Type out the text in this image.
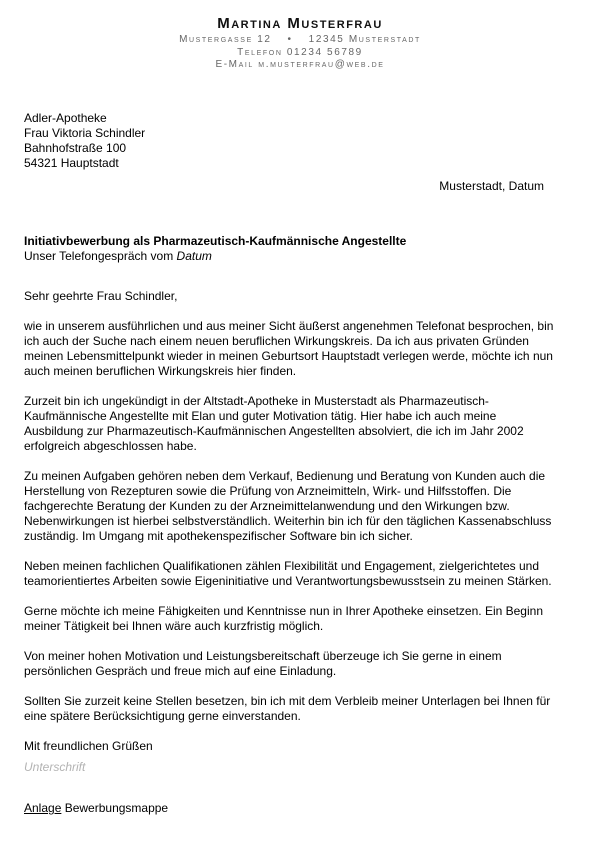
Martina Musterfrau
Mustergasse 12 • 12345 Musterstadt
Telefon 01234 56789
E-Mail m.musterfrau@web.de
Adler-Apotheke
Frau Viktoria Schindler
Bahnhofstraße 100
54321 Hauptstadt
Musterstadt, Datum
Initiativbewerbung als Pharmazeutisch-Kaufmännische Angestellte
Unser Telefongespräch vom Datum

Sehr geehrte Frau Schindler,

wie in unserem ausführlichen und aus meiner Sicht äußerst angenehmen Telefonat besprochen, bin ich auch der Suche nach einem neuen beruflichen Wirkungskreis. Da ich aus privaten Gründen meinen Lebensmittelpunkt wieder in meinen Geburtsort Hauptstadt verlegen werde, möchte ich nun auch meinen beruflichen Wirkungskreis hier finden.

Zurzeit bin ich ungekündigt in der Altstadt-Apotheke in Musterstadt als Pharmazeutisch-Kaufmännische Angestellte mit Elan und guter Motivation tätig. Hier habe ich auch meine Ausbildung zur Pharmazeutisch-Kaufmännischen Angestellten absolviert, die ich im Jahr 2002 erfolgreich abgeschlossen habe.

Zu meinen Aufgaben gehören neben dem Verkauf, Bedienung und Beratung von Kunden auch die Herstellung von Rezepturen sowie die Prüfung von Arzneimitteln, Wirk- und Hilfsstoffen. Die fachgerechte Beratung der Kunden zu der Arzneimittelanwendung und den Wirkungen bzw. Nebenwirkungen ist hierbei selbstverständlich. Weiterhin bin ich für den täglichen Kassenabschluss zuständig. Im Umgang mit apothekenspezifischer Software bin ich sicher.

Neben meinen fachlichen Qualifikationen zählen Flexibilität und Engagement, zielgerichtetes und teamorientiertes Arbeiten sowie Eigeninitiative und Verantwortungsbewusstsein zu meinen Stärken.

Gerne möchte ich meine Fähigkeiten und Kenntnisse nun in Ihrer Apotheke einsetzen. Ein Beginn meiner Tätigkeit bei Ihnen wäre auch kurzfristig möglich.

Von meiner hohen Motivation und Leistungsbereitschaft überzeuge ich Sie gerne in einem persönlichen Gespräch und freue mich auf eine Einladung.

Sollten Sie zurzeit keine Stellen besetzen, bin ich mit dem Verbleib meiner Unterlagen bei Ihnen für eine spätere Berücksichtigung gerne einverstanden.

Mit freundlichen Grüßen

Unterschrift
Anlage Bewerbungsmappe
